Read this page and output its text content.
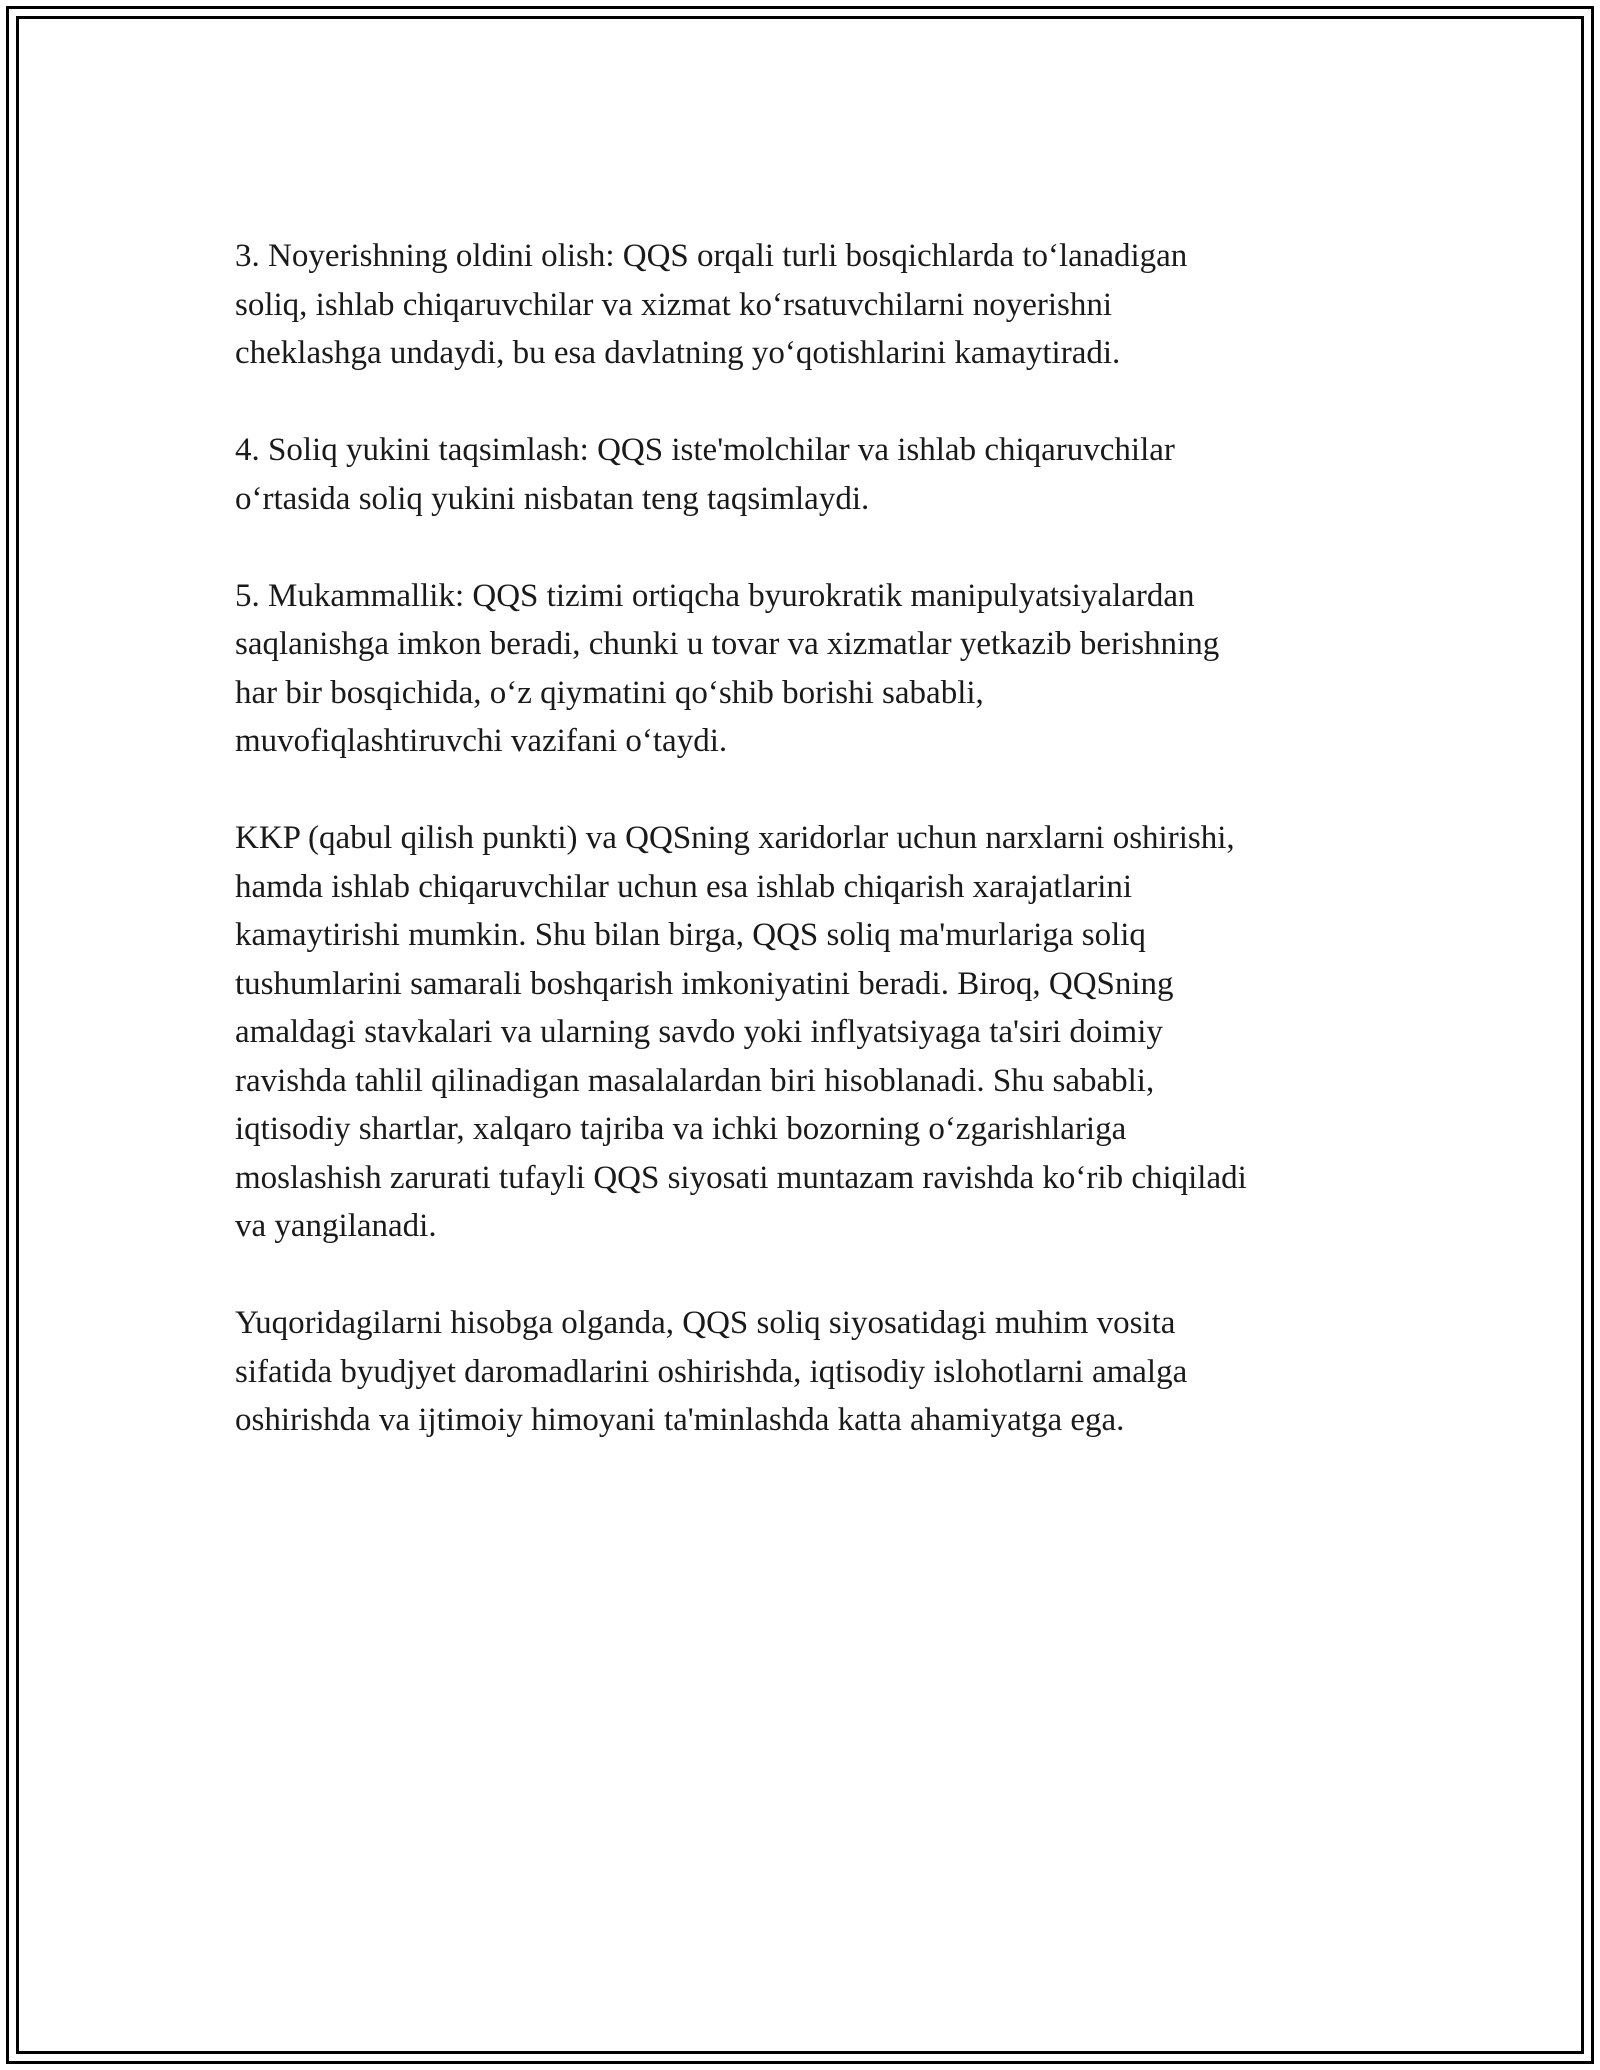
3. Noyerishning oldini olish: QQS orqali turli bosqichlarda to‘lanadigan
soliq, ishlab chiqaruvchilar va xizmat ko‘rsatuvchilarni noyerishni
cheklashga undaydi, bu esa davlatning yo‘qotishlarini kamaytiradi.

4. Soliq yukini taqsimlash: QQS iste'molchilar va ishlab chiqaruvchilar
o‘rtasida soliq yukini nisbatan teng taqsimlaydi.

5. Mukammallik: QQS tizimi ortiqcha byurokratik manipulyatsiyalardan
saqlanishga imkon beradi, chunki u tovar va xizmatlar yetkazib berishning
har bir bosqichida, o‘z qiymatini qo‘shib borishi sababli,
muvofiqlashtiruvchi vazifani o‘taydi.

KKP (qabul qilish punkti) va QQSning xaridorlar uchun narxlarni oshirishi,
hamda ishlab chiqaruvchilar uchun esa ishlab chiqarish xarajatlarini
kamaytirishi mumkin. Shu bilan birga, QQS soliq ma'murlariga soliq
tushumlarini samarali boshqarish imkoniyatini beradi. Biroq, QQSning
amaldagi stavkalari va ularning savdo yoki inflyatsiyaga ta'siri doimiy
ravishda tahlil qilinadigan masalalardan biri hisoblanadi. Shu sababli,
iqtisodiy shartlar, xalqaro tajriba va ichki bozorning o‘zgarishlariga
moslashish zarurati tufayli QQS siyosati muntazam ravishda ko‘rib chiqiladi
va yangilanadi.

Yuqoridagilarni hisobga olganda, QQS soliq siyosatidagi muhim vosita
sifatida byudjyet daromadlarini oshirishda, iqtisodiy islohotlarni amalga
oshirishda va ijtimoiy himoyani ta'minlashda katta ahamiyatga ega.
